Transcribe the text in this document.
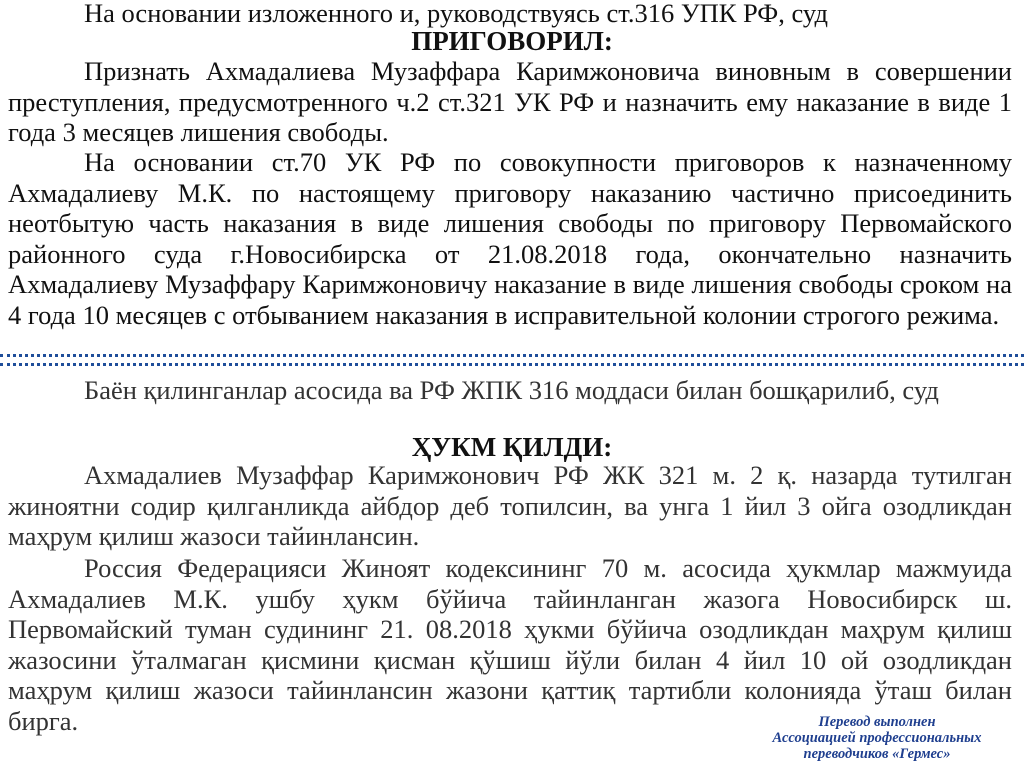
На основании изложенного и, руководствуясь ст.316 УПК РФ, суд

ПРИГОВОРИЛ:

Признать Ахмадалиева Музаффара Каримжоновича виновным в совершении преступления, предусмотренного ч.2 ст.321 УК РФ и назначить ему наказание в виде 1 года 3 месяцев лишения свободы.

На основании ст.70 УК РФ по совокупности приговоров к назначенному Ахмадалиеву М.К. по настоящему приговору наказанию частично присоединить неотбытую часть наказания в виде лишения свободы по приговору Первомайского районного суда г.Новосибирска от 21.08.2018 года, окончательно назначить Ахмадалиеву Музаффару Каримжоновичу наказание в виде лишения свободы сроком на 4 года 10 месяцев с отбыванием наказания в исправительной колонии строгого режима.

Баён қилинганлар асосида ва РФ ЖПК 316 моддаси билан бошқарилиб, суд

ҲУКМ ҚИЛДИ:

Ахмадалиев Музаффар Каримжонович РФ ЖК 321 м. 2 қ. назарда тутилган жиноятни содир қилганликда айбдор деб топилсин, ва унга 1 йил 3 ойга озодликдан маҳрум қилиш жазоси тайинлансин.

Россия Федерацияси Жиноят кодексининг 70 м. асосида ҳукмлар мажмуида Ахмадалиев М.К. ушбу ҳукм бўйича тайинланган жазога Новосибирск ш. Первомайский туман судининг 21. 08.2018 ҳукми бўйича озодликдан маҳрум қилиш жазосини ўталмаган қисмини қисман қўшиш йўли билан 4 йил 10 ой озодликдан маҳрум қилиш жазоси тайинлансин жазони қаттиқ тартибли колонияда ўташ билан бирга.	Перевод выполнен
Ассоциацией профессиональных
переводчиков «Гермес»
